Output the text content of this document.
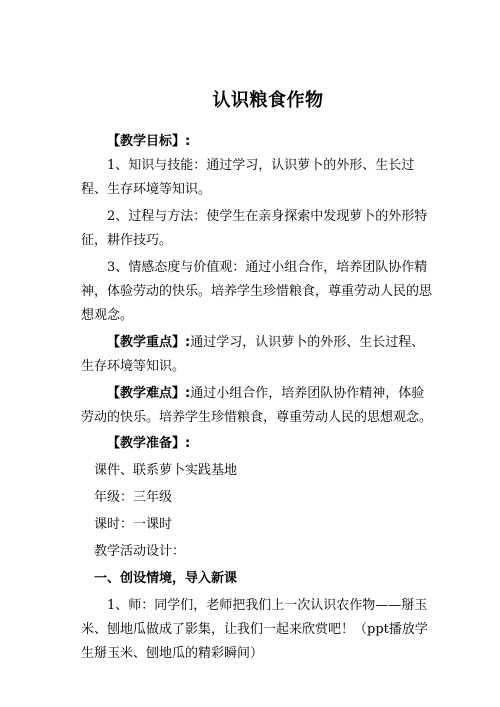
认识粮食作物

【教学目标】:

1、知识与技能：通过学习，认识萝卜的外形、生长过程、生存环境等知识。

2、过程与方法：使学生在亲身探索中发现萝卜的外形特征，耕作技巧。

3、情感态度与价值观：通过小组合作，培养团队协作精神，体验劳动的快乐。培养学生珍惜粮食，尊重劳动人民的思想观念。

【教学重点】:通过学习，认识萝卜的外形、生长过程、生存环境等知识。

【教学难点】:通过小组合作，培养团队协作精神，体验劳动的快乐。培养学生珍惜粮食，尊重劳动人民的思想观念。

【教学准备】:

课件、联系萝卜实践基地

年级：三年级

课时：一课时

教学活动设计：

一、创设情境，导入新课

1、师：同学们，老师把我们上一次认识农作物——掰玉米、刨地瓜做成了影集，让我们一起来欣赏吧！（ppt播放学生掰玉米、刨地瓜的精彩瞬间）
